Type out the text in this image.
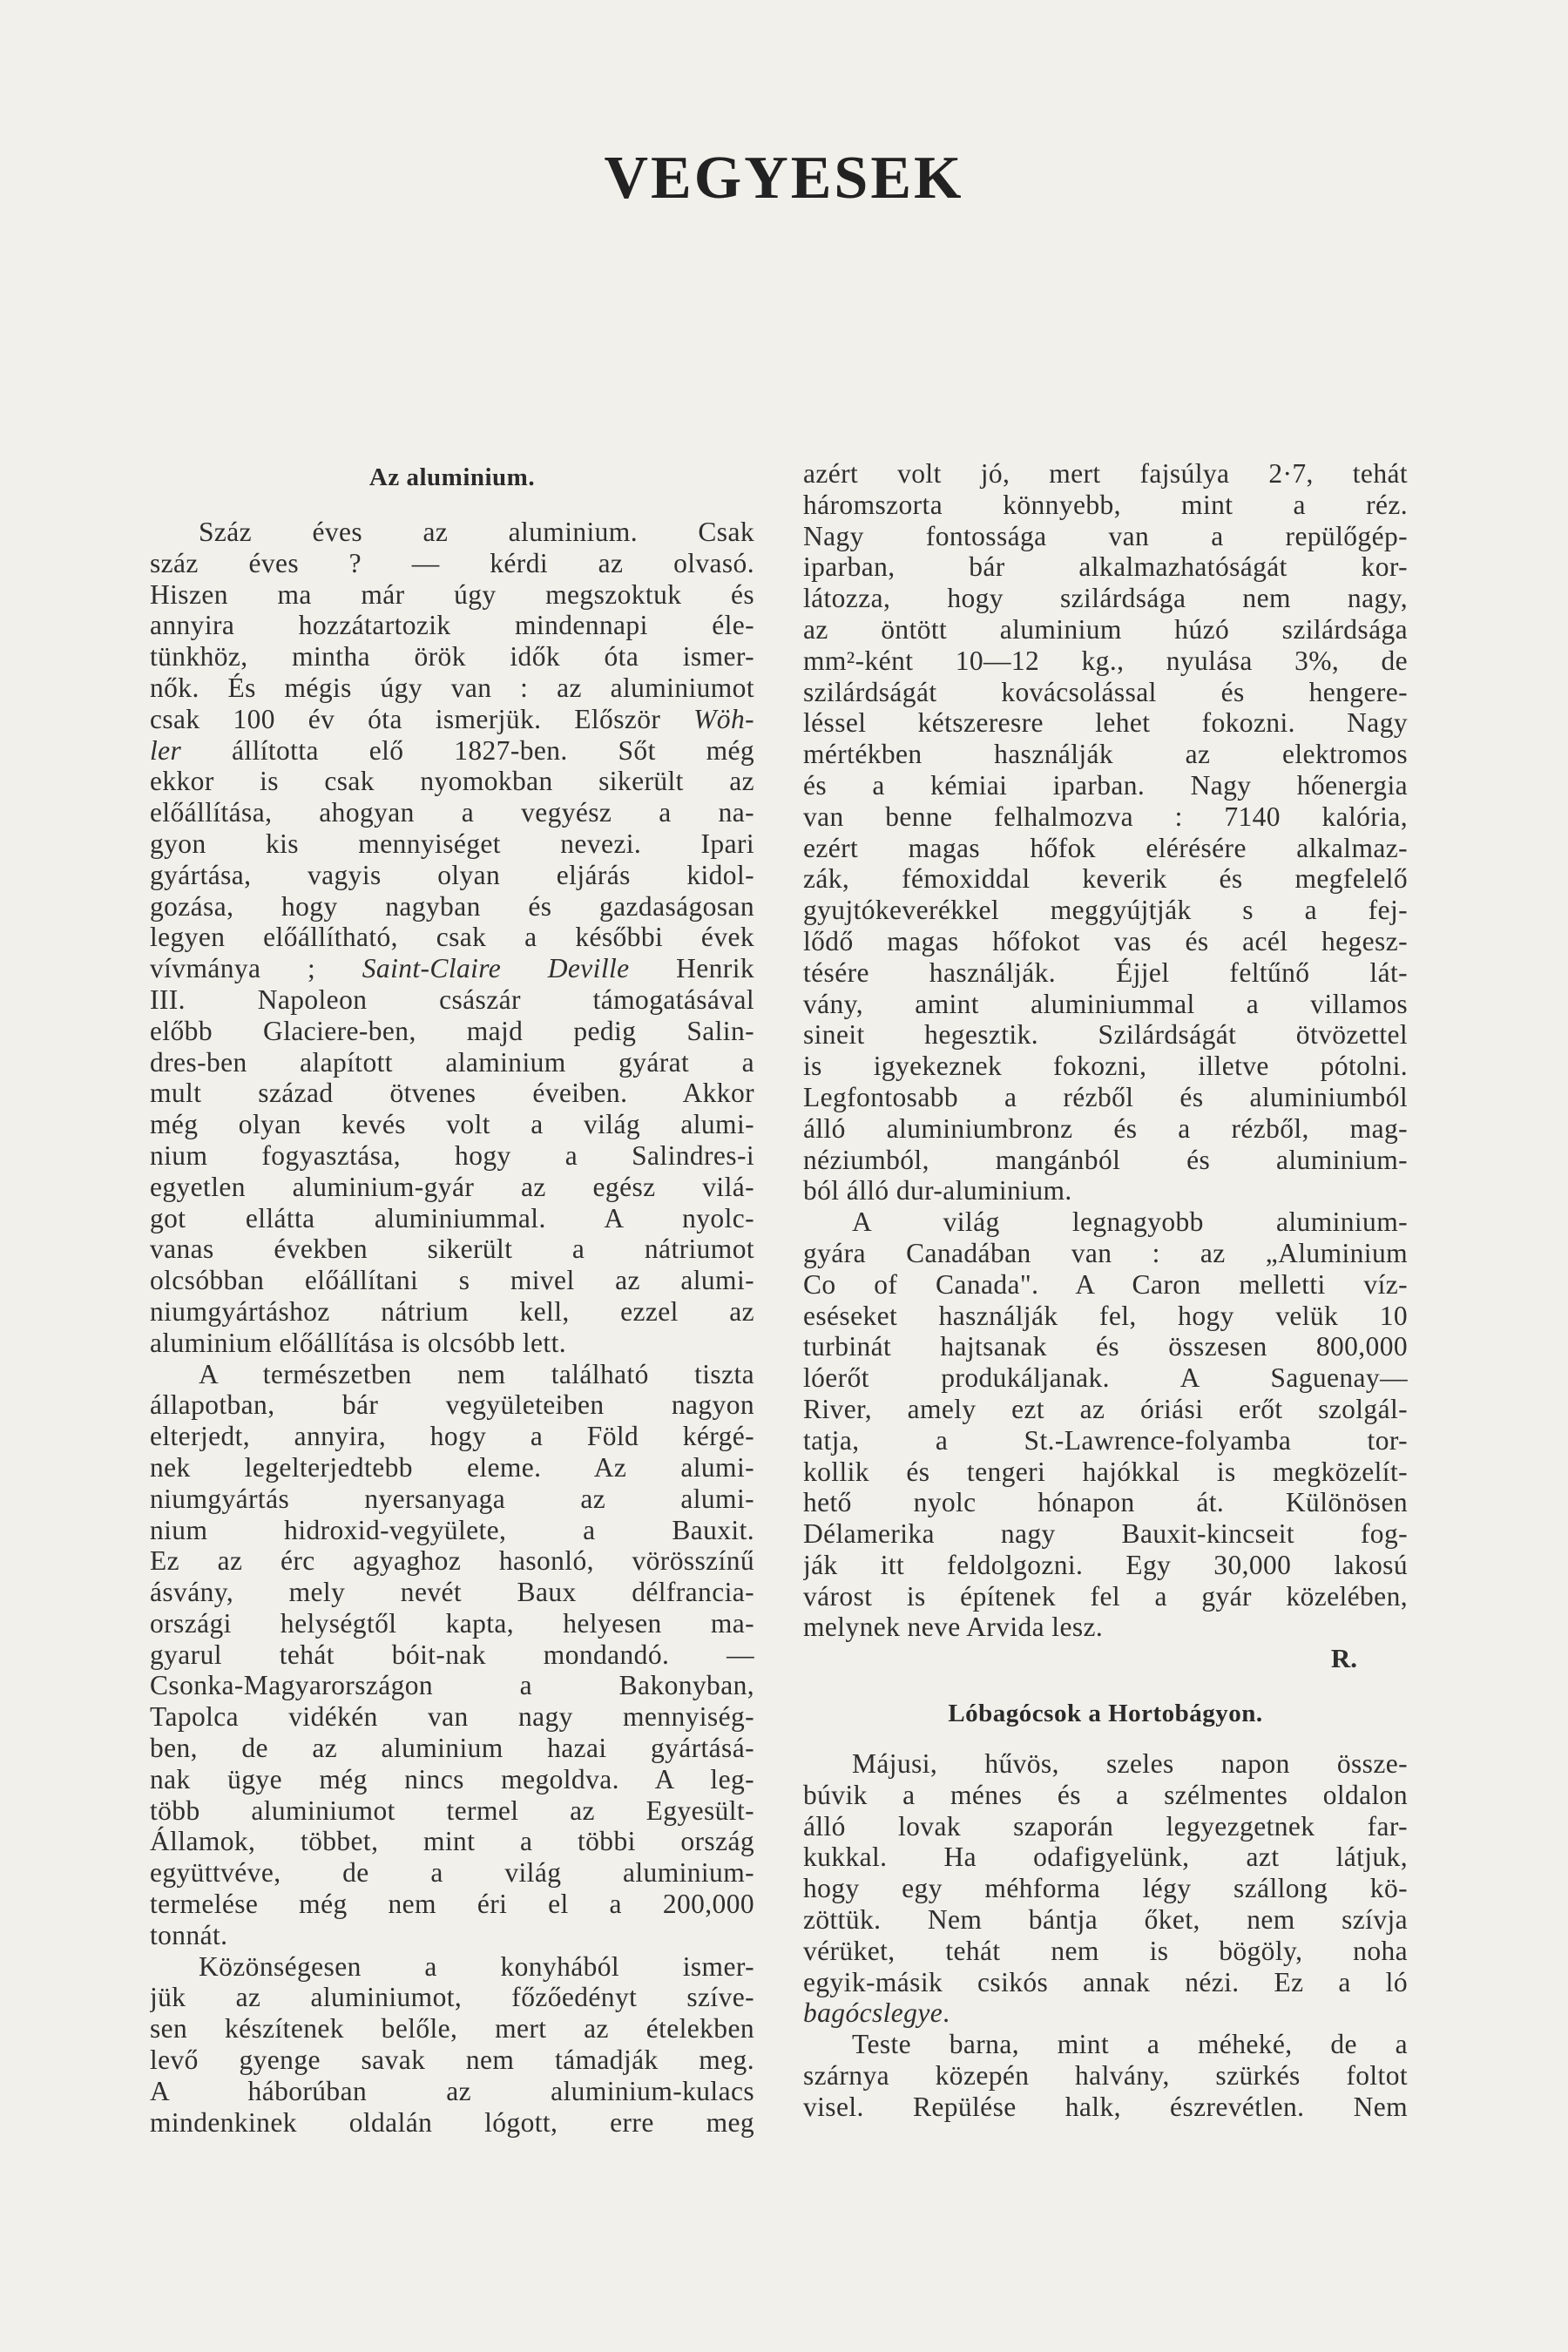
VEGYESEK
Az aluminium.
Száz éves az aluminium. Csak
száz éves ? — kérdi az olvasó.
Hiszen ma már úgy megszoktuk és
annyira hozzátartozik mindennapi éle-
tünkhöz, mintha örök idők óta ismer-
nők. És mégis úgy van : az aluminiumot
csak 100 év óta ismerjük. Először Wöh-
ler állította elő 1827-ben. Sőt még
ekkor is csak nyomokban sikerült az
előállítása, ahogyan a vegyész a na-
gyon kis mennyiséget nevezi. Ipari
gyártása, vagyis olyan eljárás kidol-
gozása, hogy nagyban és gazdaságosan
legyen előállítható, csak a későbbi évek
vívmánya ; Saint-Claire Deville Henrik
III. Napoleon császár támogatásával
előbb Glaciere-ben, majd pedig Salin-
dres-ben alapított alaminium gyárat a
mult század ötvenes éveiben. Akkor
még olyan kevés volt a világ alumi-
nium fogyasztása, hogy a Salindres-i
egyetlen aluminium-gyár az egész vilá-
got ellátta aluminiummal. A nyolc-
vanas években sikerült a nátriumot
olcsóbban előállítani s mivel az alumi-
niumgyártáshoz nátrium kell, ezzel az
aluminium előállítása is olcsóbb lett.
A természetben nem található tiszta
állapotban, bár vegyületeiben nagyon
elterjedt, annyira, hogy a Föld kérgé-
nek legelterjedtebb eleme. Az alumi-
niumgyártás nyersanyaga az alumi-
nium hidroxid-vegyülete, a Bauxit.
Ez az érc agyaghoz hasonló, vörösszínű
ásvány, mely nevét Baux délfrancia-
országi helységtől kapta, helyesen ma-
gyarul tehát bóit-nak mondandó. —
Csonka-Magyarországon a Bakonyban,
Tapolca vidékén van nagy mennyiség-
ben, de az aluminium hazai gyártásá-
nak ügye még nincs megoldva. A leg-
több aluminiumot termel az Egyesült-
Államok, többet, mint a többi ország
együttvéve, de a világ aluminium-
termelése még nem éri el a 200,000
tonnát.
Közönségesen a konyhából ismer-
jük az aluminiumot, főzőedényt szíve-
sen készítenek belőle, mert az ételekben
levő gyenge savak nem támadják meg.
A háborúban az aluminium-kulacs
mindenkinek oldalán lógott, erre meg
azért volt jó, mert fajsúlya 2·7, tehát
háromszorta könnyebb, mint a réz.
Nagy fontossága van a repülőgép-
iparban, bár alkalmazhatóságát kor-
látozza, hogy szilárdsága nem nagy,
az öntött aluminium húzó szilárdsága
mm²-ként 10—12 kg., nyulása 3%, de
szilárdságát kovácsolással és hengere-
léssel kétszeresre lehet fokozni. Nagy
mértékben használják az elektromos
és a kémiai iparban. Nagy hőenergia
van benne felhalmozva : 7140 kalória,
ezért magas hőfok elérésére alkalmaz-
zák, fémoxiddal keverik és megfelelő
gyujtókeverékkel meggyújtják s a fej-
lődő magas hőfokot vas és acél hegesz-
tésére használják. Éjjel feltűnő lát-
vány, amint aluminiummal a villamos
sineit hegesztik. Szilárdságát ötvözettel
is igyekeznek fokozni, illetve pótolni.
Legfontosabb a rézből és aluminiumból
álló aluminiumbronz és a rézből, mag-
néziumból, mangánból és aluminium-
ból álló dur-aluminium.
A világ legnagyobb aluminium-
gyára Canadában van : az „Aluminium
Co of Canada". A Caron melletti víz-
eséseket használják fel, hogy velük 10
turbinát hajtsanak és összesen 800,000
lóerőt produkáljanak. A Saguenay—
River, amely ezt az óriási erőt szolgál-
tatja, a St.-Lawrence-folyamba tor-
kollik és tengeri hajókkal is megközelít-
hető nyolc hónapon át. Különösen
Délamerika nagy Bauxit-kincseit fog-
ják itt feldolgozni. Egy 30,000 lakosú
várost is építenek fel a gyár közelében,
melynek neve Arvida lesz.
R.
Lóbagócsok a Hortobágyon.
Májusi, hűvös, szeles napon össze-
búvik a ménes és a szélmentes oldalon
álló lovak szaporán legyezgetnek far-
kukkal. Ha odafigyelünk, azt látjuk,
hogy egy méhforma légy szállong kö-
zöttük. Nem bántja őket, nem szívja
vérüket, tehát nem is bögöly, noha
egyik-másik csikós annak nézi. Ez a ló
bagócslegye.
Teste barna, mint a méheké, de a
szárnya közepén halvány, szürkés foltot
visel. Repülése halk, észrevétlen. Nem
